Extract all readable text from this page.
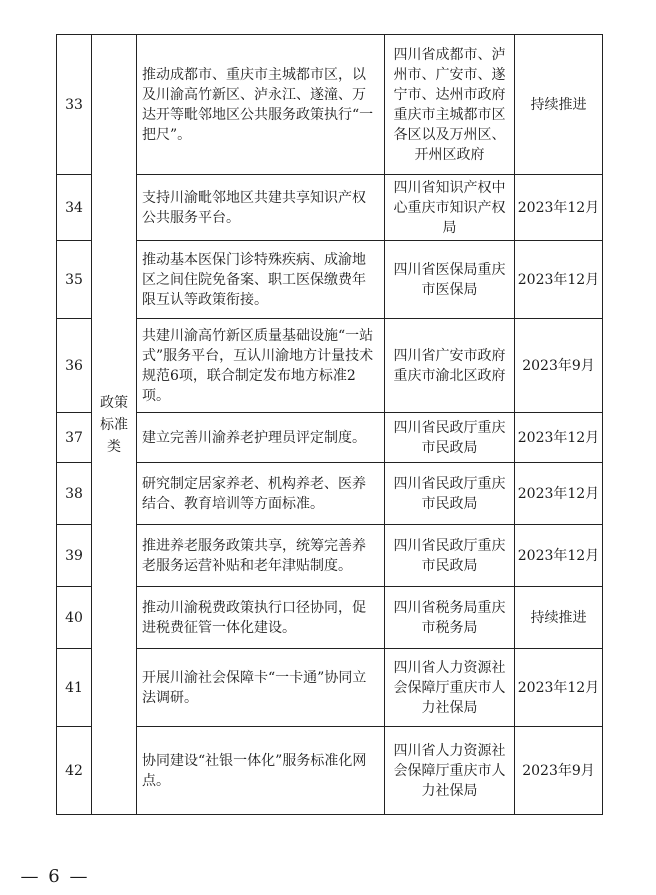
33	政策标准类	推动成都市、重庆市主城都市区，以及川渝高竹新区、泸永江、遂潼、万达开等毗邻地区公共服务政策执行“一把尺”。	四川省成都市、泸州市、广安市、遂宁市、达州市政府重庆市主城都市区各区以及万州区、开州区政府	持续推进
34		支持川渝毗邻地区共建共享知识产权公共服务平台。	四川省知识产权中心重庆市知识产权局	2023年12月
35		推动基本医保门诊特殊疾病、成渝地区之间住院免备案、职工医保缴费年限互认等政策衔接。	四川省医保局重庆市医保局	2023年12月
36		共建川渝高竹新区质量基础设施“一站式”服务平台，互认川渝地方计量技术规范6项，联合制定发布地方标准2项。	四川省广安市政府重庆市渝北区政府	2023年9月
37		建立完善川渝养老护理员评定制度。	四川省民政厅重庆市民政局	2023年12月
38		研究制定居家养老、机构养老、医养结合、教育培训等方面标准。	四川省民政厅重庆市民政局	2023年12月
39		推进养老服务政策共享，统筹完善养老服务运营补贴和老年津贴制度。	四川省民政厅重庆市民政局	2023年12月
40		推动川渝税费政策执行口径协同，促进税费征管一体化建设。	四川省税务局重庆市税务局	持续推进
41		开展川渝社会保障卡“一卡通”协同立法调研。	四川省人力资源社会保障厅重庆市人力社保局	2023年12月
42		协同建设“社银一体化”服务标准化网点。	四川省人力资源社会保障厅重庆市人力社保局	2023年9月
— 6 —
